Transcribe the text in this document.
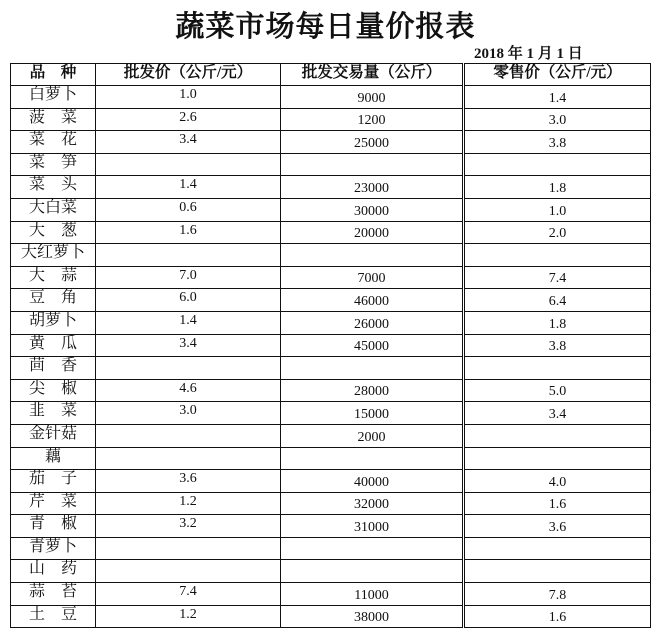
蔬菜市场每日量价报表
2018 年 1 月 1 日
品　种	批发价（公斤/元）	批发交易量（公斤）	零售价（公斤/元）
白萝卜	1.0	9000	1.4
菠　菜	2.6	1200	3.0
菜　花	3.4	25000	3.8
菜　笋			
菜　头	1.4	23000	1.8
大白菜	0.6	30000	1.0
大　葱	1.6	20000	2.0
大红萝卜			
大　蒜	7.0	7000	7.4
豆　角	6.0	46000	6.4
胡萝卜	1.4	26000	1.8
黄　瓜	3.4	45000	3.8
茴　香			
尖　椒	4.6	28000	5.0
韭　菜	3.0	15000	3.4
金针菇		2000	
藕			
茄　子	3.6	40000	4.0
芹　菜	1.2	32000	1.6
青　椒	3.2	31000	3.6
青萝卜			
山　药			
蒜　苔	7.4	11000	7.8
土　豆	1.2	38000	1.6
